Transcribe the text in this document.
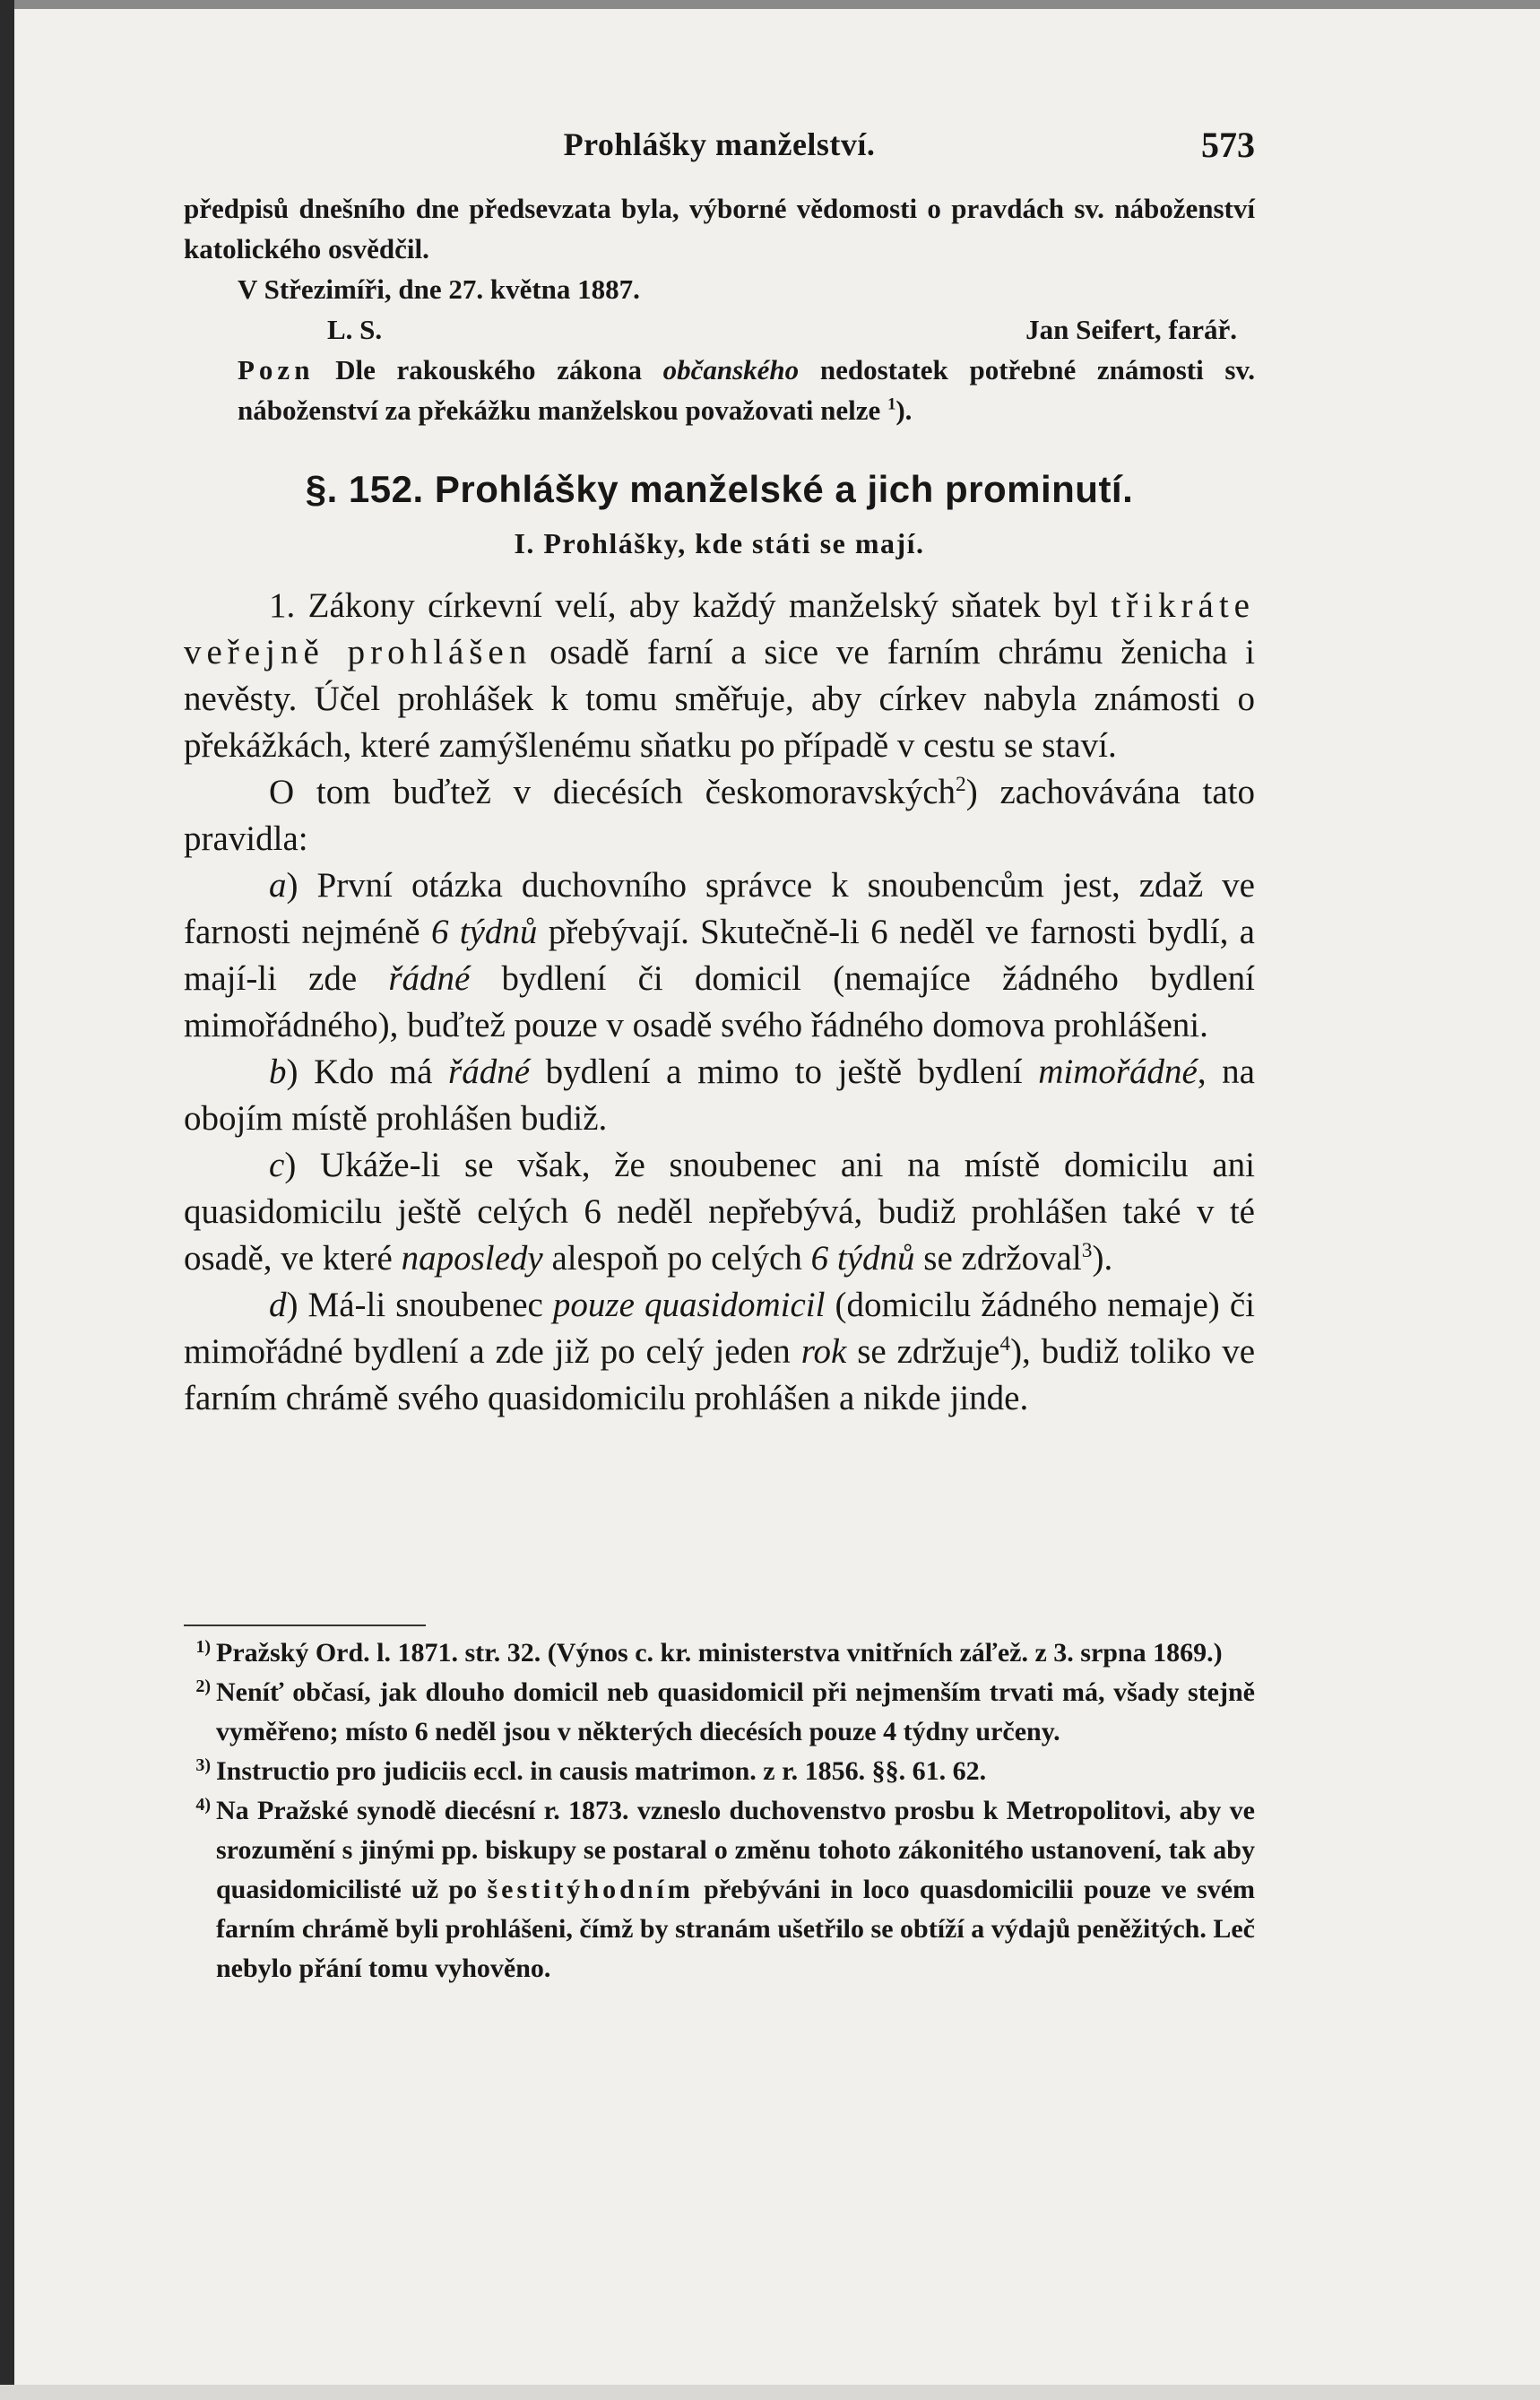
Prohlášky manželství.	573

předpisů dnešního dne předsevzata byla, výborné vědomosti o pravdách sv. náboženství katolického osvědčil.

V Střezimíři, dne 27. května 1887.

L. S.	Jan Seifert, farář.

Pozn Dle rakouského zákona občanského nedostatek potřebné známosti sv. náboženství za překážku manželskou považovati nelze $^1$).

§. 152. Prohlášky manželské a jich prominutí.
I. Prohlášky, kde státi se mají.

1. Zákony církevní velí, aby každý manželský sňatek byl třikráte veřejně prohlášen osadě farní a sice ve farním chrámu ženicha i nevěsty. Účel prohlášek k tomu směřuje, aby církev nabyla známosti o překážkách, které zamýšlenému sňatku po případě v cestu se staví.

O tom buďtež v diecésích českomoravských$^2$) zachovávána tato pravidla:

a) První otázka duchovního správce k snoubencům jest, zdaž ve farnosti nejméně 6 týdnů přebývají. Skutečně-li 6 neděl ve farnosti bydlí, a mají-li zde řádné bydlení či domicil (nemajíce žádného bydlení mimořádného), buďtež pouze v osadě svého řádného domova prohlášeni.

b) Kdo má řádné bydlení a mimo to ještě bydlení mimořádné, na obojím místě prohlášen budiž.

c) Ukáže-li se však, že snoubenec ani na místě domicilu ani quasidomicilu ještě celých 6 neděl nepřebývá, budiž prohlášen také v té osadě, ve které naposledy alespoň po celých 6 týdnů se zdržoval$^3$).

d) Má-li snoubenec pouze quasidomicil (domicilu žádného nemaje) či mimořádné bydlení a zde již po celý jeden rok se zdržuje$^4$), budiž toliko ve farním chrámě svého quasidomicilu prohlášen a nikde jinde.

1) Pražský Ord. l. 1871. str. 32. (Výnos c. kr. ministerstva vnitřních záľež. z 3. srpna 1869.)
2) Neníť občasí, jak dlouho domicil neb quasidomicil při nejmenším trvati má, všady stejně vyměřeno; místo 6 neděl jsou v některých diecésích pouze 4 týdny určeny.
3) Instructio pro judiciis eccl. in causis matrimon. z r. 1856. §§. 61. 62.
4) Na Pražské synodě diecésní r. 1873. vzneslo duchovenstvo prosbu k Metropolitovi, aby ve srozumění s jinými pp. biskupy se postaral o změnu tohoto zákonitého ustanovení, tak aby quasidomicilisté už po šestitýhodním přebýváni in loco quasdomicilii pouze ve svém farním chrámě byli prohlášeni, čímž by stranám ušetřilo se obtíží a výdajů peněžitých. Leč nebylo přání tomu vyhověno.
